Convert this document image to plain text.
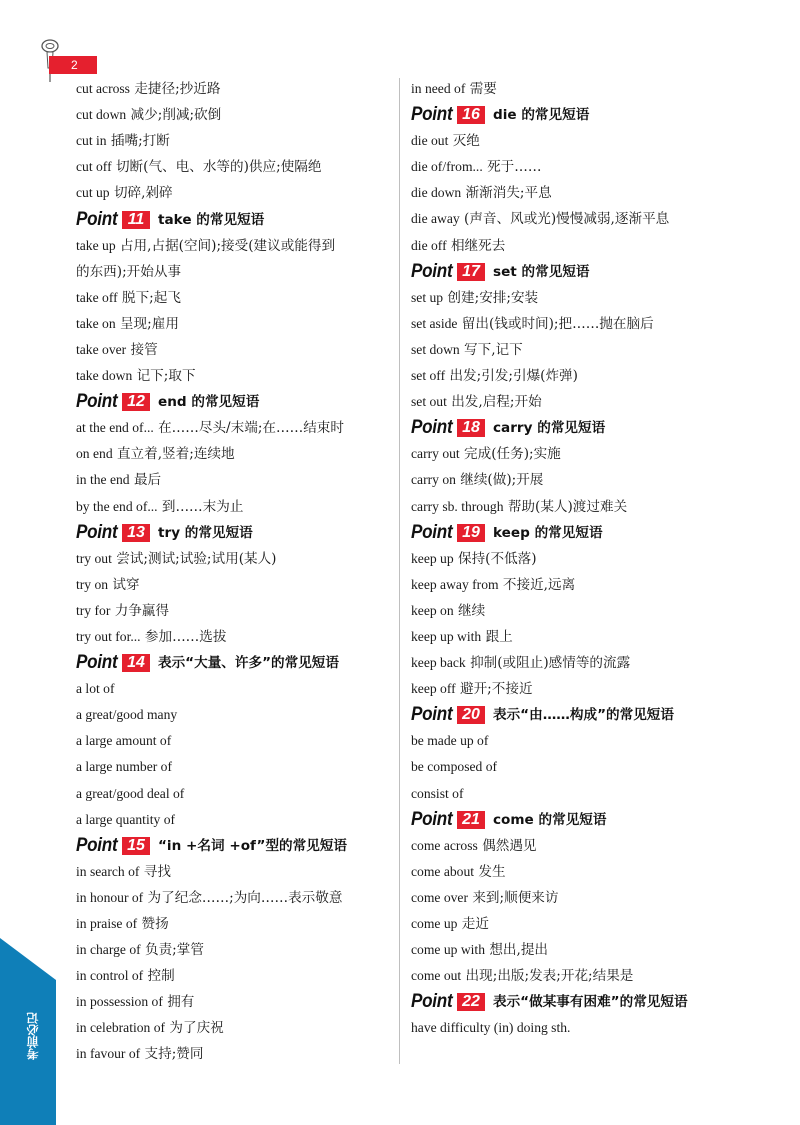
2
cut across 走捷径;抄近路
cut down 减少;削减;砍倒
cut in 插嘴;打断
cut off 切断(气、电、水等的)供应;使隔绝
cut up 切碎,剁碎
Point 11	take 的常见短语
take up 占用,占据(空间);接受(建议或能得到
的东西);开始从事
take off 脱下;起飞
take on 呈现;雇用
take over 接管
take down 记下;取下
Point 12 end 的常见短语
at the end of... 在……尽头/末端;在……结束时
on end 直立着,竖着;连续地
in the end 最后
by the end of... 到……末为止
Point 13 try 的常见短语
try out 尝试;测试;试验;试用(某人)
try on 试穿
try for 力争赢得
try out for... 参加……选拔
Point 14 表示“大量、许多”的常见短语
a lot of
a great/good many
a large amount of
a large number of
a great/good deal of
a large quantity of
Point 15 “in +名词 +of”型的常见短语
in search of 寻找
in honour of 为了纪念……;为向……表示敬意
in praise of 赞扬
in charge of 负责;掌管
in control of 控制
in possession of 拥有
in celebration of 为了庆祝
in favour of 支持;赞同
in need of 需要
Point 16 die 的常见短语
die out 灭绝
die of/from... 死于……
die down 渐渐消失;平息
die away (声音、风或光)慢慢减弱,逐渐平息
die off 相继死去
Point 17 set 的常见短语
set up 创建;安排;安装
set aside 留出(钱或时间);把……抛在脑后
set down 写下,记下
set off 出发;引发;引爆(炸弹)
set out 出发,启程;开始
Point 18 carry 的常见短语
carry out 完成(任务);实施
carry on 继续(做);开展
carry sb. through 帮助(某人)渡过难关
Point 19 keep 的常见短语
keep up 保持(不低落)
keep away from 不接近,远离
keep on 继续
keep up with 跟上
keep back 抑制(或阻止)感情等的流露
keep off 避开;不接近
Point 20 表示“由……构成”的常见短语
be made up of
be composed of
consist of
Point 21 come 的常见短语
come across 偶然遇见
come about 发生
come over 来到;顺便来访
come up 走近
come up with 想出,提出
come out 出现;出版;发表;开花;结果是
Point 22 表示“做某事有困难”的常见短语
have difficulty (in) doing sth.
考前必记
